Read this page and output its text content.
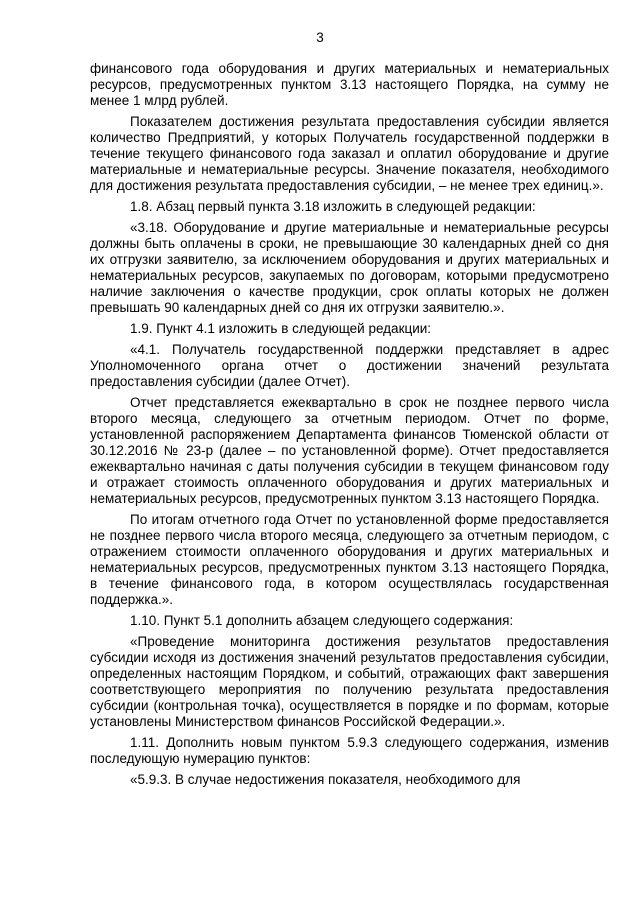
3

финансового года оборудования и других материальных и нематериальных ресурсов, предусмотренных пунктом 3.13 настоящего Порядка, на сумму не менее 1 млрд рублей.

Показателем достижения результата предоставления субсидии является количество Предприятий, у которых Получатель государственной поддержки в течение текущего финансового года заказал и оплатил оборудование и другие материальные и нематериальные ресурсы. Значение показателя, необходимого для достижения результата предоставления субсидии, – не менее трех единиц.».

1.8. Абзац первый пункта 3.18 изложить в следующей редакции:

«3.18. Оборудование и другие материальные и нематериальные ресурсы должны быть оплачены в сроки, не превышающие 30 календарных дней со дня их отгрузки заявителю, за исключением оборудования и других материальных и нематериальных ресурсов, закупаемых по договорам, которыми предусмотрено наличие заключения о качестве продукции, срок оплаты которых не должен превышать 90 календарных дней со дня их отгрузки заявителю.».

1.9. Пункт 4.1 изложить в следующей редакции:

«4.1. Получатель государственной поддержки представляет в адрес Уполномоченного органа отчет о достижении значений результата предоставления субсидии (далее Отчет).

Отчет представляется ежеквартально в срок не позднее первого числа второго месяца, следующего за отчетным периодом. Отчет по форме, установленной распоряжением Департамента финансов Тюменской области от 30.12.2016 № 23-р (далее – по установленной форме). Отчет предоставляется ежеквартально начиная с даты получения субсидии в текущем финансовом году и отражает стоимость оплаченного оборудования и других материальных и нематериальных ресурсов, предусмотренных пунктом 3.13 настоящего Порядка.

По итогам отчетного года Отчет по установленной форме предоставляется не позднее первого числа второго месяца, следующего за отчетным периодом, с отражением стоимости оплаченного оборудования и других материальных и нематериальных ресурсов, предусмотренных пунктом 3.13 настоящего Порядка, в течение финансового года, в котором осуществлялась государственная поддержка.».

1.10. Пункт 5.1 дополнить абзацем следующего содержания:

«Проведение мониторинга достижения результатов предоставления субсидии исходя из достижения значений результатов предоставления субсидии, определенных настоящим Порядком, и событий, отражающих факт завершения соответствующего мероприятия по получению результата предоставления субсидии (контрольная точка), осуществляется в порядке и по формам, которые установлены Министерством финансов Российской Федерации.».

1.11. Дополнить новым пунктом 5.9.3 следующего содержания, изменив последующую нумерацию пунктов:

«5.9.3. В случае недостижения показателя, необходимого для
